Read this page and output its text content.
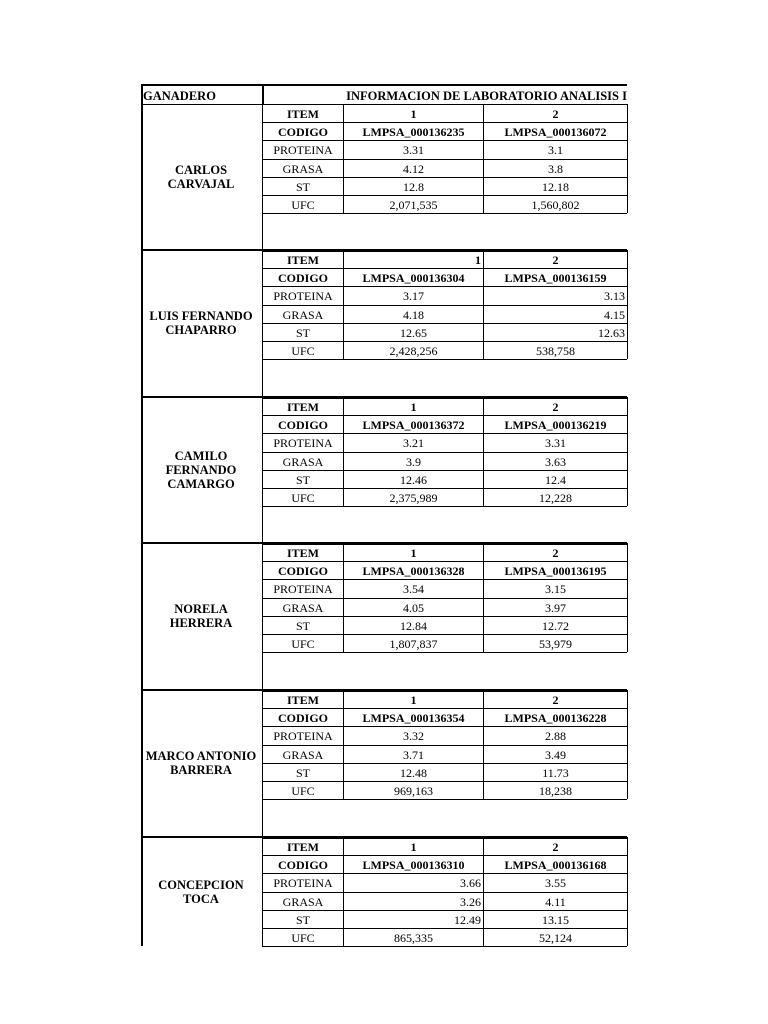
GANADERO	INFORMACION DE LABORATORIO ANALISIS I
ITEM	1	2
CODIGO	LMPSA_000136235	LMPSA_000136072
PROTEINA	3.31	3.1
GRASA	4.12	3.8
ST	12.8	12.18
UFC	2,071,535	1,560,802
CARLOS CARVAJAL
ITEM	1	2
CODIGO	LMPSA_000136304	LMPSA_000136159
PROTEINA	3.17	3.13
GRASA	4.18	4.15
ST	12.65	12.63
UFC	2,428,256	538,758
LUIS FERNANDO CHAPARRO
ITEM	1	2
CODIGO	LMPSA_000136372	LMPSA_000136219
PROTEINA	3.21	3.31
GRASA	3.9	3.63
ST	12.46	12.4
UFC	2,375,989	12,228
CAMILO FERNANDO CAMARGO
ITEM	1	2
CODIGO	LMPSA_000136328	LMPSA_000136195
PROTEINA	3.54	3.15
GRASA	4.05	3.97
ST	12.84	12.72
UFC	1,807,837	53,979
NORELA HERRERA
ITEM	1	2
CODIGO	LMPSA_000136354	LMPSA_000136228
PROTEINA	3.32	2.88
GRASA	3.71	3.49
ST	12.48	11.73
UFC	969,163	18,238
MARCO ANTONIO BARRERA
ITEM	1	2
CODIGO	LMPSA_000136310	LMPSA_000136168
PROTEINA	3.66	3.55
GRASA	3.26	4.11
ST	12.49	13.15
UFC	865,335	52,124
CONCEPCION TOCA
